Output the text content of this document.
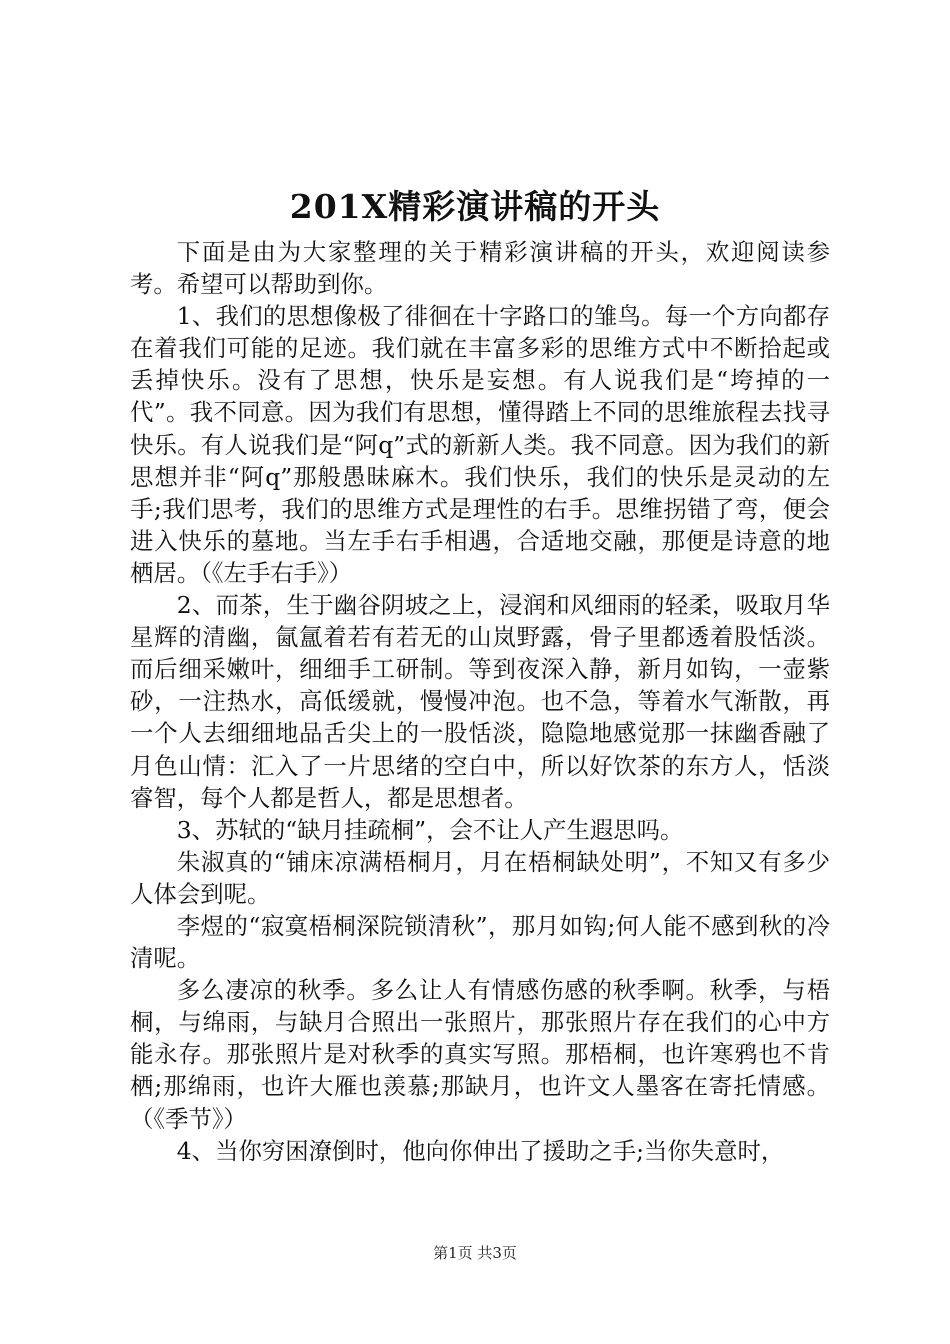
201X精彩演讲稿的开头

下面是由为大家整理的关于精彩演讲稿的开头，欢迎阅读参考。希望可以帮助到你。

1、我们的思想像极了徘徊在十字路口的雏鸟。每一个方向都存在着我们可能的足迹。我们就在丰富多彩的思维方式中不断拾起或丢掉快乐。没有了思想，快乐是妄想。有人说我们是“垮掉的一代”。我不同意。因为我们有思想，懂得踏上不同的思维旅程去找寻快乐。有人说我们是“阿q”式的新新人类。我不同意。因为我们的新思想并非“阿q”那般愚昧麻木。我们快乐，我们的快乐是灵动的左手;我们思考，我们的思维方式是理性的右手。思维拐错了弯，便会进入快乐的墓地。当左手右手相遇，合适地交融，那便是诗意的地栖居。（《左手右手》）

2、而茶，生于幽谷阴坡之上，浸润和风细雨的轻柔，吸取月华星辉的清幽，氤氲着若有若无的山岚野露，骨子里都透着股恬淡。而后细采嫩叶，细细手工研制。等到夜深入静，新月如钩，一壶紫砂，一注热水，高低缓就，慢慢冲泡。也不急，等着水气渐散，再一个人去细细地品舌尖上的一股恬淡，隐隐地感觉那一抹幽香融了月色山情：汇入了一片思绪的空白中，所以好饮茶的东方人，恬淡睿智，每个人都是哲人，都是思想者。

3、苏轼的“缺月挂疏桐”，会不让人产生遐思吗。

朱淑真的“铺床凉满梧桐月，月在梧桐缺处明”，不知又有多少人体会到呢。

李煜的“寂寞梧桐深院锁清秋”，那月如钩;何人能不感到秋的冷清呢。

多么凄凉的秋季。多么让人有情感伤感的秋季啊。秋季，与梧桐，与绵雨，与缺月合照出一张照片，那张照片存在我们的心中方能永存。那张照片是对秋季的真实写照。那梧桐，也许寒鸦也不肯栖;那绵雨，也许大雁也羡慕;那缺月，也许文人墨客在寄托情感。（《季节》）

4、当你穷困潦倒时，他向你伸出了援助之手;当你失意时，

第1页 共3页
